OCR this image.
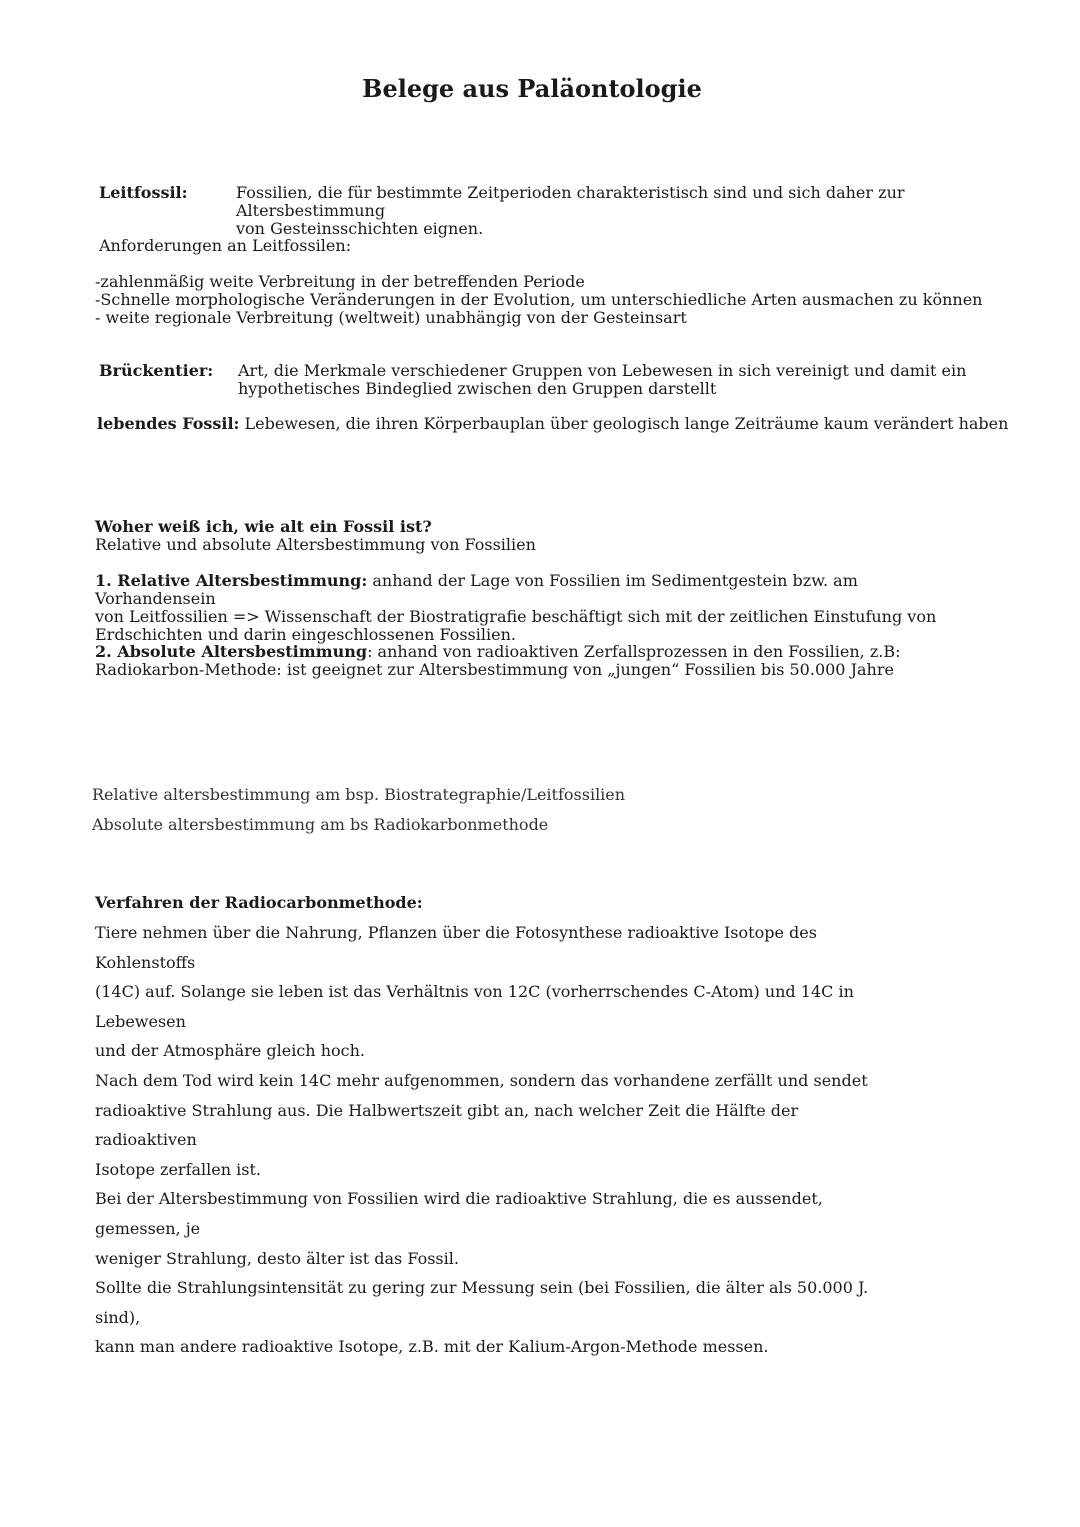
Belege aus Paläontologie
Leitfossil:	Fossilien, die für bestimmte Zeitperioden charakteristisch sind und sich daher zur Altersbestimmung
von Gesteinsschichten eignen.
Anforderungen an Leitfossilen:
-zahlenmäßig weite Verbreitung in der betreffenden Periode
-Schnelle morphologische Veränderungen in der Evolution, um unterschiedliche Arten ausmachen zu können
- weite regionale Verbreitung (weltweit) unabhängig von der Gesteinsart
Brückentier: Art, die Merkmale verschiedener Gruppen von Lebewesen in sich vereinigt und damit ein
hypothetisches Bindeglied zwischen den Gruppen darstellt
lebendes Fossil: Lebewesen, die ihren Körperbauplan über geologisch lange Zeiträume kaum verändert haben
Woher weiß ich, wie alt ein Fossil ist?
Relative und absolute Altersbestimmung von Fossilien
1. Relative Altersbestimmung: anhand der Lage von Fossilien im Sedimentgestein bzw. am Vorhandensein
von Leitfossilien => Wissenschaft der Biostratigrafie beschäftigt sich mit der zeitlichen Einstufung von
Erdschichten und darin eingeschlossenen Fossilien.
2. Absolute Altersbestimmung: anhand von radioaktiven Zerfallsprozessen in den Fossilien, z.B:
Radiokarbon-Methode: ist geeignet zur Altersbestimmung von „jungen“ Fossilien bis 50.000 Jahre
Relative altersbestimmung am bsp. Biostrategraphie/Leitfossilien
Absolute altersbestimmung am bs Radiokarbonmethode
Verfahren der Radiocarbonmethode:
Tiere nehmen über die Nahrung, Pflanzen über die Fotosynthese radioaktive Isotope des Kohlenstoffs
(14C) auf. Solange sie leben ist das Verhältnis von 12C (vorherrschendes C-Atom) und 14C in Lebewesen
und der Atmosphäre gleich hoch.
Nach dem Tod wird kein 14C mehr aufgenommen, sondern das vorhandene zerfällt und sendet
radioaktive Strahlung aus. Die Halbwertszeit gibt an, nach welcher Zeit die Hälfte der radioaktiven
Isotope zerfallen ist.
Bei der Altersbestimmung von Fossilien wird die radioaktive Strahlung, die es aussendet, gemessen, je
weniger Strahlung, desto älter ist das Fossil.
Sollte die Strahlungsintensität zu gering zur Messung sein (bei Fossilien, die älter als 50.000 J. sind),
kann man andere radioaktive Isotope, z.B. mit der Kalium-Argon-Methode messen.
